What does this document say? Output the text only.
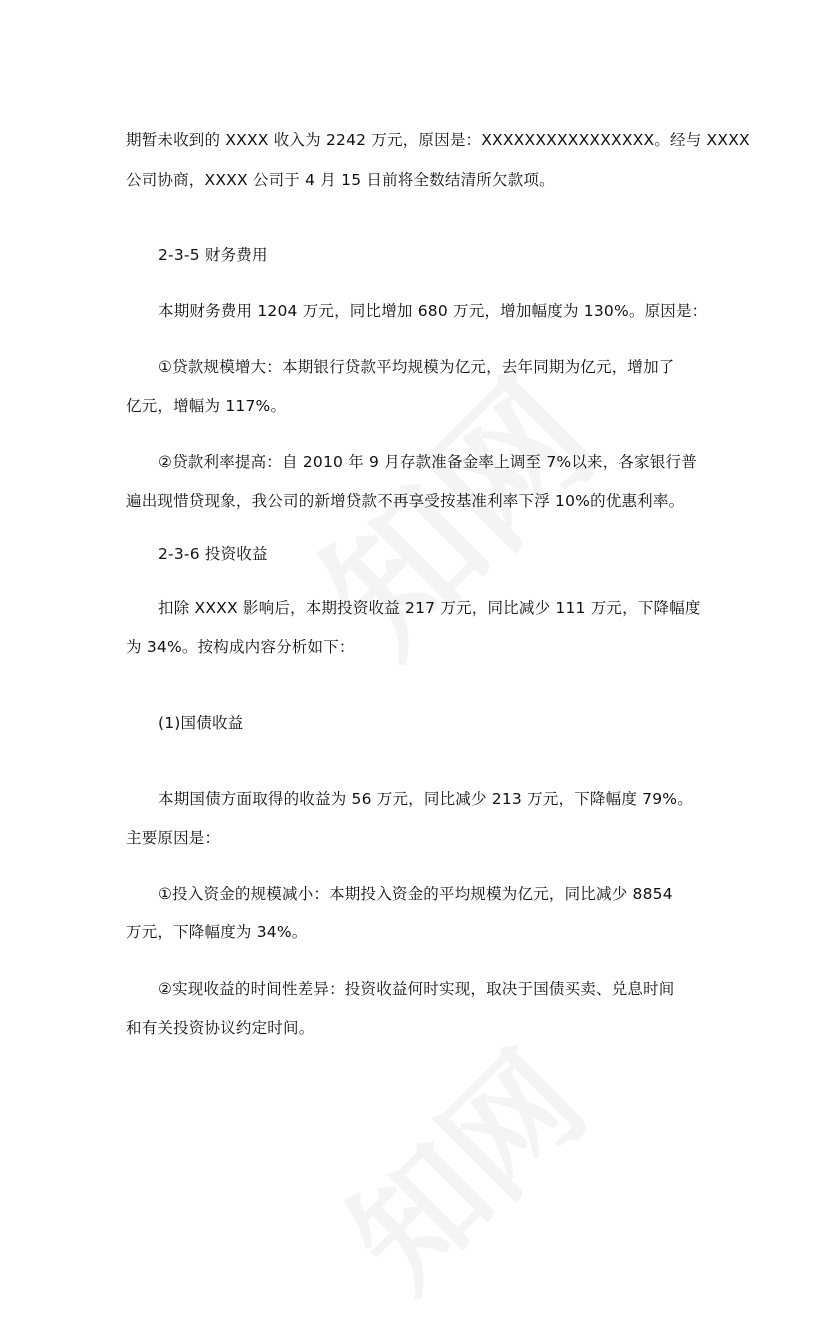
期暂未收到的 XXXX 收入为 2242 万元，原因是：XXXXXXXXXXXXXXXX。经与 XXXX
公司协商，XXXX 公司于 4 月 15 日前将全数结清所欠款项。
2-3-5 财务费用
本期财务费用 1204 万元，同比增加 680 万元，增加幅度为 130%。原因是：
①贷款规模增大：本期银行贷款平均规模为亿元，去年同期为亿元，增加了
亿元，增幅为 117%。
②贷款利率提高：自 2010 年 9 月存款准备金率上调至 7%以来，各家银行普
遍出现惜贷现象，我公司的新增贷款不再享受按基准利率下浮 10%的优惠利率。
2-3-6 投资收益
扣除 XXXX 影响后，本期投资收益 217 万元，同比减少 111 万元，下降幅度
为 34%。按构成内容分析如下：
(1)国债收益
本期国债方面取得的收益为 56 万元，同比减少 213 万元，下降幅度 79%。
主要原因是：
①投入资金的规模减小：本期投入资金的平均规模为亿元，同比减少 8854
万元，下降幅度为 34%。
②实现收益的时间性差异：投资收益何时实现，取决于国债买卖、兑息时间
和有关投资协议约定时间。
